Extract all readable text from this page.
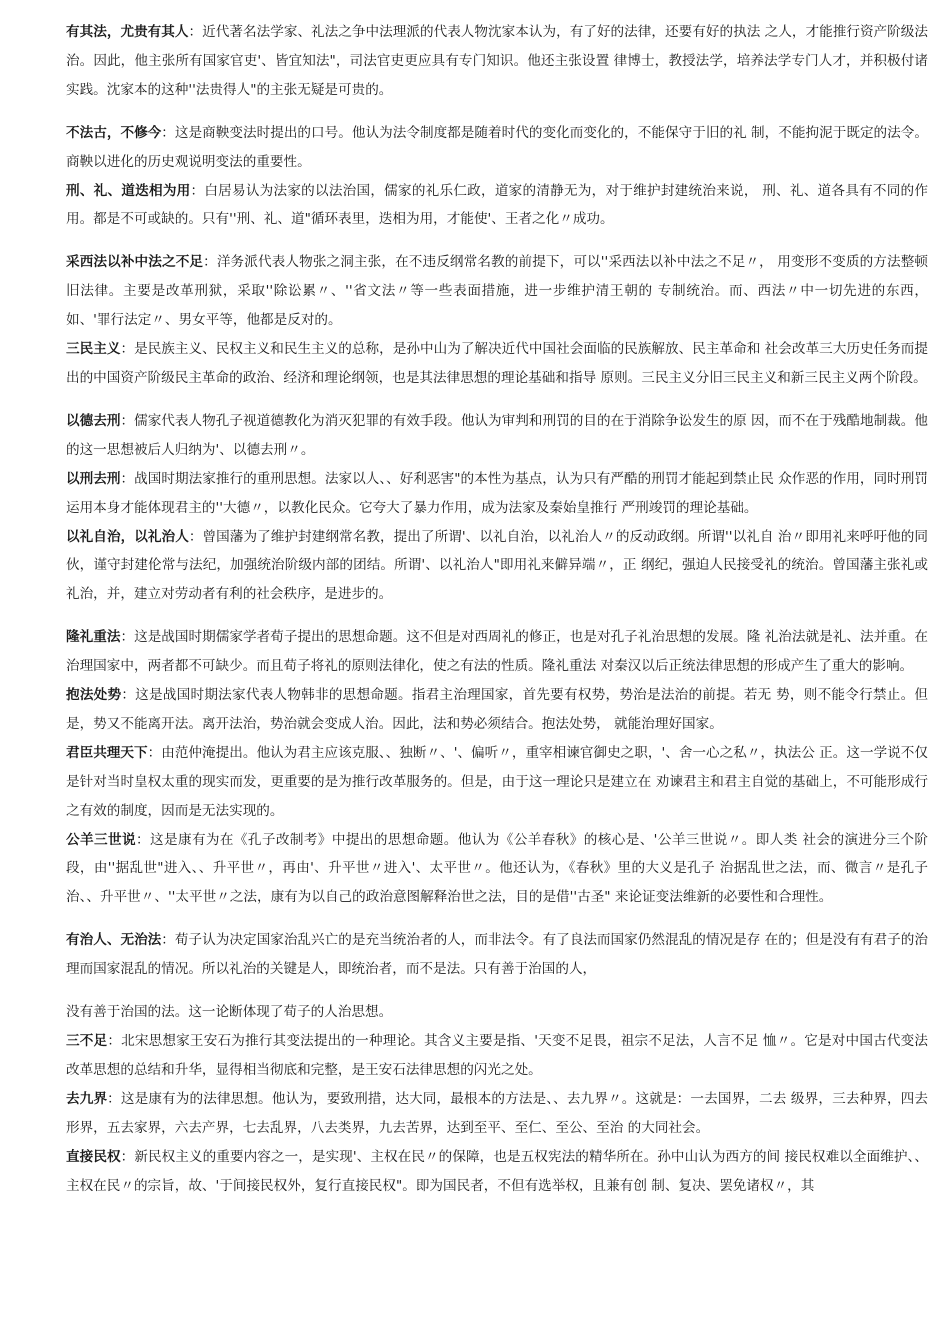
有其法，尤贵有其人：近代著名法学家、礼法之争中法理派的代表人物沈家本认为，有了好的法律，还要有好的执法 之人，才能推行资产阶级法治。因此，他主张所有国家官吏'、皆宜知法"，司法官吏更应具有专门知识。他还主张设置 律博士，教授法学，培养法学专门人才，并积极付诸实践。沈家本的这种''法贵得人"的主张无疑是可贵的。

不法古，不修今：这是商鞅变法时提出的口号。他认为法令制度都是随着时代的变化而变化的，不能保守于旧的礼 制，不能拘泥于既定的法令。商鞅以进化的历史观说明变法的重要性。

刑、礼、道迭相为用：白居易认为法家的以法治国，儒家的礼乐仁政，道家的清静无为，对于维护封建统治来说， 刑、礼、道各具有不同的作用。都是不可或缺的。只有''刑、礼、道"循环表里，迭相为用，才能使'、王者之化〃成功。

采西法以补中法之不足：洋务派代表人物张之洞主张，在不违反纲常名教的前提下，可以''采西法以补中法之不足〃， 用变形不变质的方法整顿旧法律。主要是改革刑狱，采取''除讼累〃、''省文法〃等一些表面措施，进一步维护清王朝的 专制统治。而、西法〃中一切先进的东西，如、'罪行法定〃、男女平等，他都是反对的。

三民主义：是民族主义、民权主义和民生主义的总称，是孙中山为了解决近代中国社会面临的民族解放、民主革命和 社会改革三大历史任务而提出的中国资产阶级民主革命的政治、经济和理论纲领，也是其法律思想的理论基础和指导 原则。三民主义分旧三民主义和新三民主义两个阶段。

以德去刑：儒家代表人物孔子视道德教化为消灭犯罪的有效手段。他认为审判和刑罚的目的在于消除争讼发生的原 因，而不在于残酷地制裁。他的这一思想被后人归纳为'、以德去刑〃。

以刑去刑：战国时期法家推行的重刑思想。法家以人、、好利恶害"的本性为基点，认为只有严酷的刑罚才能起到禁止民 众作恶的作用，同时刑罚运用本身才能体现君主的''大德〃，以教化民众。它夸大了暴力作用，成为法家及秦始皇推行 严刑竣罚的理论基础。

以礼自治，以礼治人：曾国藩为了维护封建纲常名教，提出了所谓'、以礼自治，以礼治人〃的反动政纲。所谓''以礼自 治〃即用礼来呼吁他的同伙，谨守封建伦常与法纪，加强统治阶级内部的团结。所谓'、以礼治人"即用礼来僻异端〃，正 纲纪，强迫人民接受礼的统治。曾国藩主张礼或礼治，并，建立对劳动者有利的社会秩序，是进步的。

隆礼重法：这是战国时期儒家学者荀子提出的思想命题。这不但是对西周礼的修正，也是对孔子礼治思想的发展。隆 礼治法就是礼、法并重。在治理国家中，两者都不可缺少。而且荀子将礼的原则法律化，使之有法的性质。隆礼重法 对秦汉以后正统法律思想的形成产生了重大的影响。

抱法处势：这是战国时期法家代表人物韩非的思想命题。指君主治理国家，首先要有权势，势治是法治的前提。若无 势，则不能令行禁止。但是，势又不能离开法。离开法治，势治就会变成人治。因此，法和势必须结合。抱法处势， 就能治理好国家。

君臣共理天下：由范仲淹提出。他认为君主应该克服、、独断〃、'、偏听〃，重宰相谏官御史之职，'、舍一心之私〃，执法公 正。这一学说不仅是针对当时皇权太重的现实而发，更重要的是为推行改革服务的。但是，由于这一理论只是建立在 劝谏君主和君主自觉的基础上，不可能形成行之有效的制度，因而是无法实现的。

公羊三世说：这是康有为在《孔子改制考》中提出的思想命题。他认为《公羊春秋》的核心是、'公羊三世说〃。即人类 社会的演进分三个阶段，由''据乱世"进入、、升平世〃，再由'、升平世〃进入'、太平世〃。他还认为，《春秋》里的大义是孔子 治据乱世之法，而、微言〃是孔子治、、升平世〃、''太平世〃之法，康有为以自己的政治意图解释治世之法，目的是借''古圣" 来论证变法维新的必要性和合理性。

有治人、无治法：荀子认为决定国家治乱兴亡的是充当统治者的人，而非法令。有了良法而国家仍然混乱的情况是存 在的；但是没有有君子的治理而国家混乱的情况。所以礼治的关键是人，即统治者，而不是法。只有善于治国的人，

没有善于治国的法。这一论断体现了荀子的人治思想。

三不足：北宋思想家王安石为推行其变法提出的一种理论。其含义主要是指、'天变不足畏，祖宗不足法，人言不足 恤〃。它是对中国古代变法改革思想的总结和升华，显得相当彻底和完整，是王安石法律思想的闪光之处。

去九界：这是康有为的法律思想。他认为，要致刑措，达大同，最根本的方法是、、去九界〃。这就是：一去国界，二去 级界，三去种界，四去形界，五去家界，六去产界，七去乱界，八去类界，九去苦界，达到至平、至仁、至公、至治 的大同社会。

直接民权：新民权主义的重要内容之一，是实现'、主权在民〃的保障，也是五权宪法的精华所在。孙中山认为西方的间 接民权难以全面维护、、主权在民〃的宗旨，故、'于间接民权外，复行直接民权"。即为国民者，不但有选举权，且兼有创 制、复决、罢免诸权〃，其
